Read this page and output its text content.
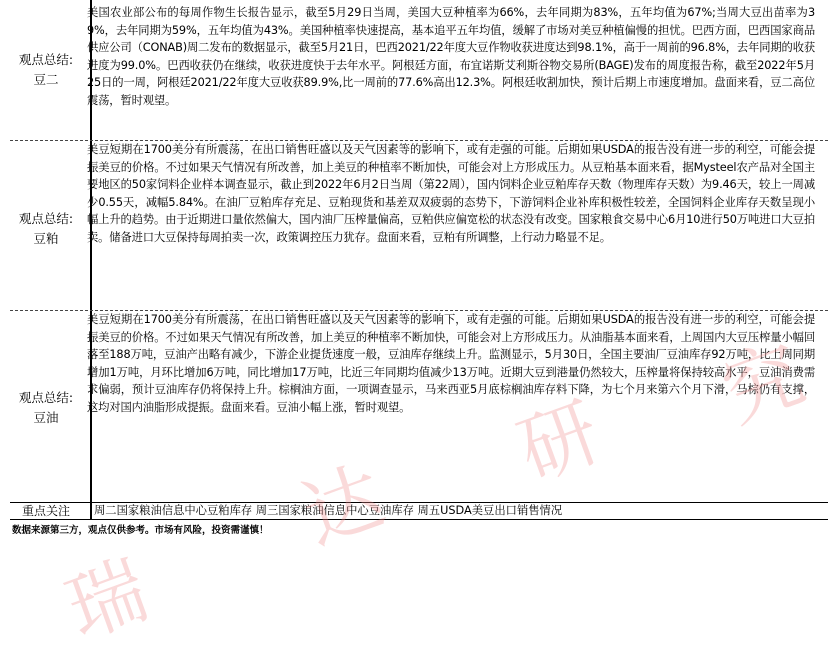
观点总结:
豆二
美国农业部公布的每周作物生长报告显示，截至5月29日当周，美国大豆种植率为66%，去年同期为83%，五年均值为67%;当周大豆出苗率为39%，去年同期为59%，五年均值为43%。美国种植率快速提高，基本追平五年均值，缓解了市场对美豆种植偏慢的担忧。巴西方面，巴西国家商品供应公司（CONAB)周二发布的数据显示，截至5月21日，巴西2021/22年度大豆作物收获进度达到98.1%，高于一周前的96.8%，去年同期的收获进度为99.0%。巴西收获仍在继续，收获进度快于去年水平。阿根廷方面，布宜诺斯艾利斯谷物交易所(BAGE)发布的周度报告称，截至2022年5月25日的一周，阿根廷2021/22年度大豆收获89.9%,比一周前的77.6%高出12.3%。阿根廷收割加快，预计后期上市速度增加。盘面来看，豆二高位震荡，暂时观望。
观点总结:
豆粕
美豆短期在1700美分有所震荡，在出口销售旺盛以及天气因素等的影响下，或有走强的可能。后期如果USDA的报告没有进一步的利空，可能会提振美豆的价格。不过如果天气情况有所改善，加上美豆的种植率不断加快，可能会对上方形成压力。从豆粕基本面来看，据Mysteel农产品对全国主要地区的50家饲料企业样本调查显示，截止到2022年6月2日当周（第22周），国内饲料企业豆粕库存天数（物理库存天数）为9.46天，较上一周减少0.55天，减幅5.84%。在油厂豆粕库存充足、豆粕现货和基差双双疲弱的态势下，下游饲料企业补库积极性较差，全国饲料企业库存天数呈现小幅上升的趋势。由于近期进口量依然偏大，国内油厂压榨量偏高，豆粕供应偏宽松的状态没有改变。国家粮食交易中心6月10进行50万吨进口大豆拍卖。储备进口大豆保持每周拍卖一次，政策调控压力犹存。盘面来看，豆粕有所调整，上行动力略显不足。
观点总结:
豆油
美豆短期在1700美分有所震荡，在出口销售旺盛以及天气因素等的影响下，或有走强的可能。后期如果USDA的报告没有进一步的利空，可能会提振美豆的价格。不过如果天气情况有所改善，加上美豆的种植率不断加快，可能会对上方形成压力。从油脂基本面来看，上周国内大豆压榨量小幅回落至188万吨，豆油产出略有减少，下游企业提货速度一般，豆油库存继续上升。监测显示，5月30日，全国主要油厂豆油库存92万吨，比上周同期增加1万吨，月环比增加6万吨，同比增加17万吨，比近三年同期均值减少13万吨。近期大豆到港量仍然较大，压榨量将保持较高水平，豆油消费需求偏弱，预计豆油库存仍将保持上升。棕榈油方面，一项调查显示，马来西亚5月底棕榈油库存料下降，为七个月来第六个月下滑，马棕仍有支撑，这均对国内油脂形成提振。盘面来看。豆油小幅上涨，暂时观望。
重点关注	周二国家粮油信息中心豆粕库存 周三国家粮油信息中心豆油库存 周五USDA美豆出口销售情况
数据来源第三方，观点仅供参考。市场有风险，投资需谨慎！
瑞
达
研
究
